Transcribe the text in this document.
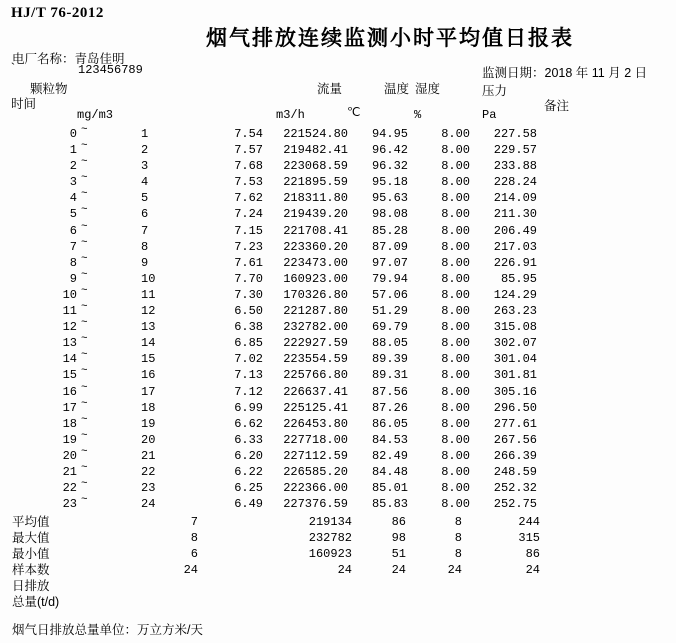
HJ/T 76-2012
烟气排放连续监测小时平均值日报表
电厂名称：青岛佳明
`	123456789	监测日期：2018 年 11 月 2 日
颗粒物	流量	温度 湿度	压力
时间	备注
mg/m3	m3/h	℃	%	Pa
0 ~	1	7.54	221524.80	94.95	8.00	227.58
1 ~	2	7.57	219482.41	96.42	8.00	229.57
2 ~	3	7.68	223068.59	96.32	8.00	233.88
3 ~	4	7.53	221895.59	95.18	8.00	228.24
4 ~	5	7.62	218311.80	95.63	8.00	214.09
5 ~	6	7.24	219439.20	98.08	8.00	211.30
6 ~	7	7.15	221708.41	85.28	8.00	206.49
7 ~	8	7.23	223360.20	87.09	8.00	217.03
8 ~	9	7.61	223473.00	97.07	8.00	226.91
9 ~	10	7.70	160923.00	79.94	8.00	85.95
10 ~	11	7.30	170326.80	57.06	8.00	124.29
11 ~	12	6.50	221287.80	51.29	8.00	263.23
12 ~	13	6.38	232782.00	69.79	8.00	315.08
13 ~	14	6.85	222927.59	88.05	8.00	302.07
14 ~	15	7.02	223554.59	89.39	8.00	301.04
15 ~	16	7.13	225766.80	89.31	8.00	301.81
16 ~	17	7.12	226637.41	87.56	8.00	305.16
17 ~	18	6.99	225125.41	87.26	8.00	296.50
18 ~	19	6.62	226453.80	86.05	8.00	277.61
19 ~	20	6.33	227718.00	84.53	8.00	267.56
20 ~	21	6.20	227112.59	82.49	8.00	266.39
21 ~	22	6.22	226585.20	84.48	8.00	248.59
22 ~	23	6.25	222366.00	85.01	8.00	252.32
23 ~	24	6.49	227376.59	85.83	8.00	252.75
平均值	7	219134	86	8	244
最大值	8	232782	98	8	315
最小值	6	160923	51	8	86
样本数	24	24	24	24	24
日排放
总量(t/d)
烟气日排放总量单位：万立方米/天
